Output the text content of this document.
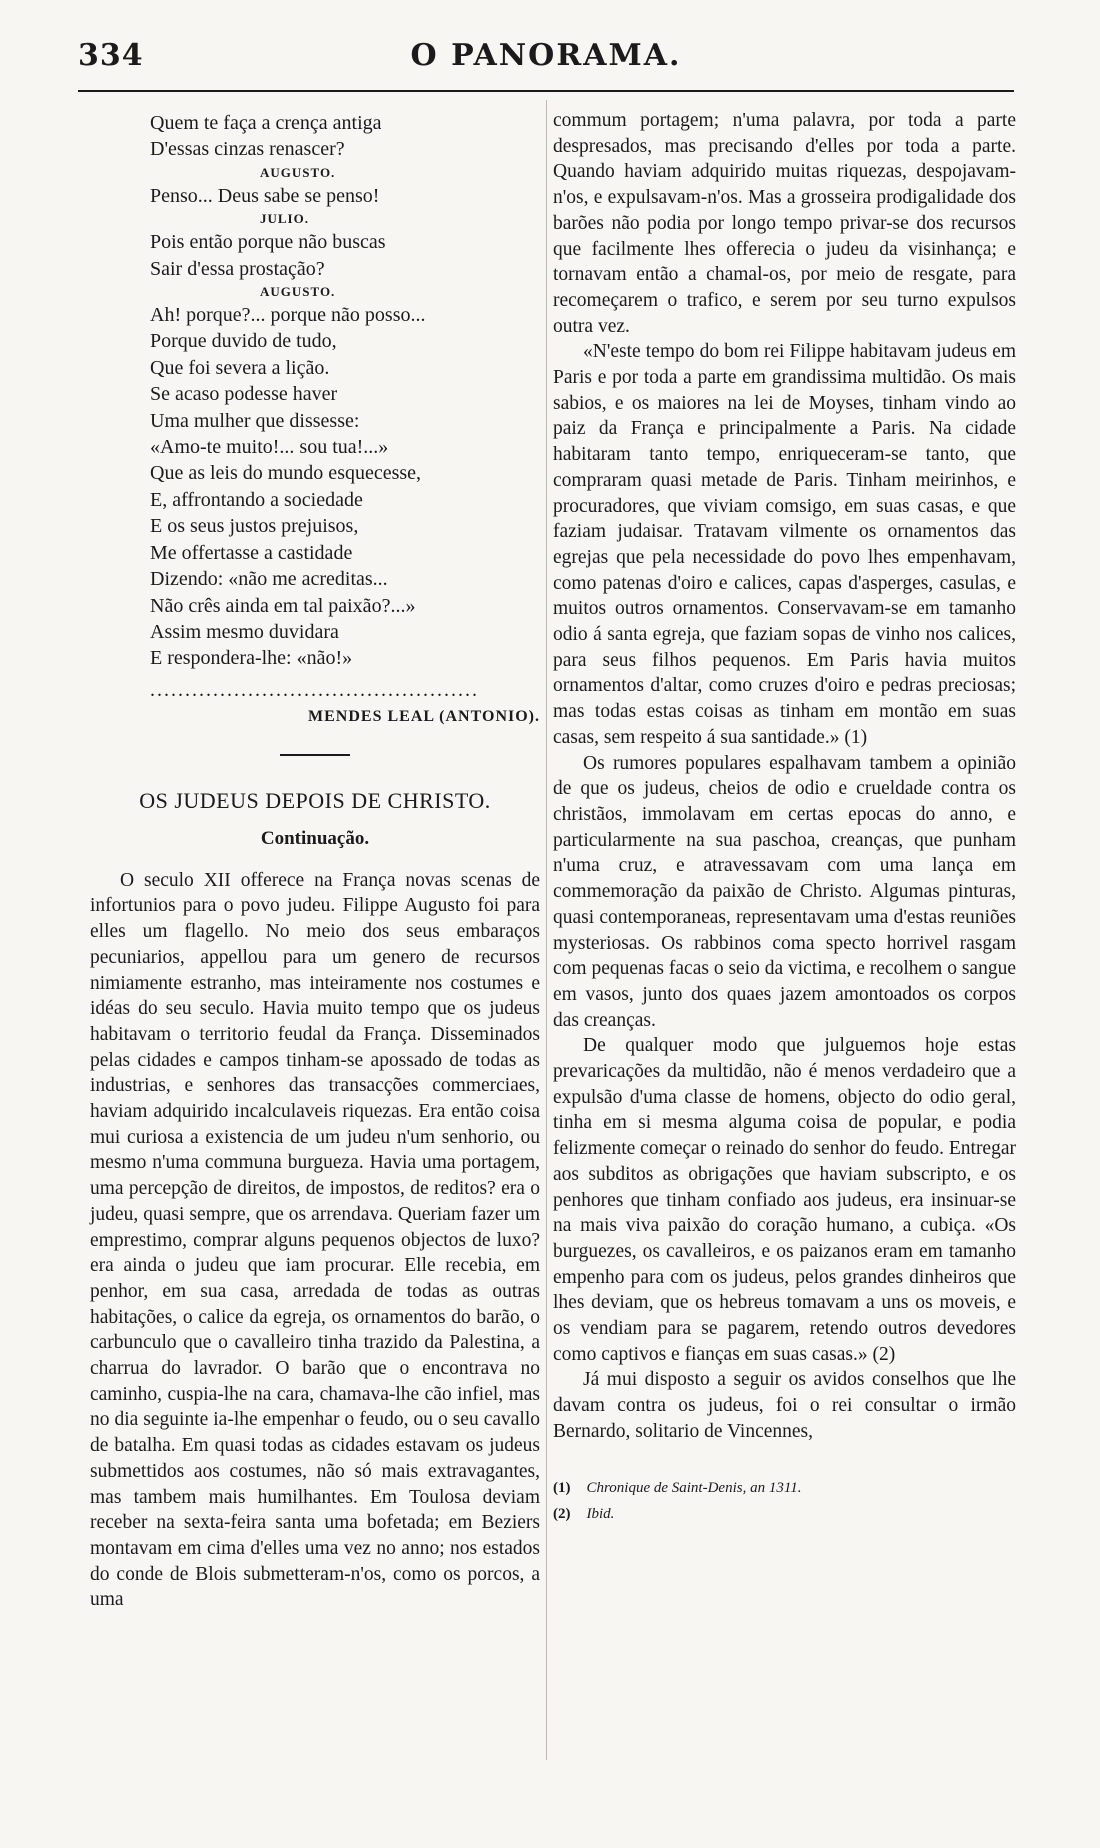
334	O PANORAMA.
Quem te faça a crença antiga
D'essas cinzas renascer?
AUGUSTO.
Penso... Deus sabe se penso!
JULIO.
Pois então porque não buscas
Sair d'essa prostação?
AUGUSTO.
Ah! porque?... porque não posso...
Porque duvido de tudo,
Que foi severa a lição.
Se acaso podesse haver
Uma mulher que dissesse:
«Amo-te muito!... sou tua!...»
Que as leis do mundo esquecesse,
E, affrontando a sociedade
E os seus justos prejuisos,
Me offertasse a castidade
Dizendo: «não me acreditas...
Não crês ainda em tal paixão?...»
Assim mesmo duvidara
E respondera-lhe: «não!»
...............................................
MENDES LEAL (ANTONIO).
OS JUDEUS DEPOIS DE CHRISTO.
Continuação.

O seculo XII offerece na França novas scenas de infortunios para o povo judeu. Filippe Augusto foi para elles um flagello. No meio dos seus embaraços pecuniarios, appellou para um genero de recursos nimiamente estranho, mas inteiramente nos costumes e idéas do seu seculo. Havia muito tempo que os judeus habitavam o territorio feudal da França. Disseminados pelas cidades e campos tinham-se apossado de todas as industrias, e senhores das transacções commerciaes, haviam adquirido incalculaveis riquezas. Era então coisa mui curiosa a existencia de um judeu n'um senhorio, ou mesmo n'uma communa burgueza. Havia uma portagem, uma percepção de direitos, de impostos, de reditos? era o judeu, quasi sempre, que os arrendava. Queriam fazer um emprestimo, comprar alguns pequenos objectos de luxo? era ainda o judeu que iam procurar. Elle recebia, em penhor, em sua casa, arredada de todas as outras habitações, o calice da egreja, os ornamentos do barão, o carbunculo que o cavalleiro tinha trazido da Palestina, a charrua do lavrador. O barão que o encontrava no caminho, cuspia-lhe na cara, chamava-lhe cão infiel, mas no dia seguinte ia-lhe empenhar o feudo, ou o seu cavallo de batalha. Em quasi todas as cidades estavam os judeus submettidos aos costumes, não só mais extravagantes, mas tambem mais humilhantes. Em Toulosa deviam receber na sexta-feira santa uma bofetada; em Beziers montavam em cima d'elles uma vez no anno; nos estados do conde de Blois submetteram-n'os, como os porcos, a uma

commum portagem; n'uma palavra, por toda a parte despresados, mas precisando d'elles por toda a parte. Quando haviam adquirido muitas riquezas, despojavam-n'os, e expulsavam-n'os. Mas a grosseira prodigalidade dos barões não podia por longo tempo privar-se dos recursos que facilmente lhes offerecia o judeu da visinhança; e tornavam então a chamal-os, por meio de resgate, para recomeçarem o trafico, e serem por seu turno expulsos outra vez.

«N'este tempo do bom rei Filippe habitavam judeus em Paris e por toda a parte em grandissima multidão. Os mais sabios, e os maiores na lei de Moyses, tinham vindo ao paiz da França e principalmente a Paris. Na cidade habitaram tanto tempo, enriqueceram-se tanto, que compraram quasi metade de Paris. Tinham meirinhos, e procuradores, que viviam comsigo, em suas casas, e que faziam judaisar. Tratavam vilmente os ornamentos das egrejas que pela necessidade do povo lhes empenhavam, como patenas d'oiro e calices, capas d'asperges, casulas, e muitos outros ornamentos. Conservavam-se em tamanho odio á santa egreja, que faziam sopas de vinho nos calices, para seus filhos pequenos. Em Paris havia muitos ornamentos d'altar, como cruzes d'oiro e pedras preciosas; mas todas estas coisas as tinham em montão em suas casas, sem respeito á sua santidade.» (1)

Os rumores populares espalhavam tambem a opinião de que os judeus, cheios de odio e crueldade contra os christãos, immolavam em certas epocas do anno, e particularmente na sua paschoa, creanças, que punham n'uma cruz, e atravessavam com uma lança em commemoração da paixão de Christo. Algumas pinturas, quasi contemporaneas, representavam uma d'estas reuniões mysteriosas. Os rabbinos coma specto horrivel rasgam com pequenas facas o seio da victima, e recolhem o sangue em vasos, junto dos quaes jazem amontoados os corpos das creanças.

De qualquer modo que julguemos hoje estas prevaricações da multidão, não é menos verdadeiro que a expulsão d'uma classe de homens, objecto do odio geral, tinha em si mesma alguma coisa de popular, e podia felizmente começar o reinado do senhor do feudo. Entregar aos subditos as obrigações que haviam subscripto, e os penhores que tinham confiado aos judeus, era insinuar-se na mais viva paixão do coração humano, a cubiça. «Os burguezes, os cavalleiros, e os paizanos eram em tamanho empenho para com os judeus, pelos grandes dinheiros que lhes deviam, que os hebreus tomavam a uns os moveis, e os vendiam para se pagarem, retendo outros devedores como captivos e fianças em suas casas.» (2)

Já mui disposto a seguir os avidos conselhos que lhe davam contra os judeus, foi o rei consultar o irmão Bernardo, solitario de Vincennes,

(1) Chronique de Saint-Denis, an 1311.
(2) Ibid.
